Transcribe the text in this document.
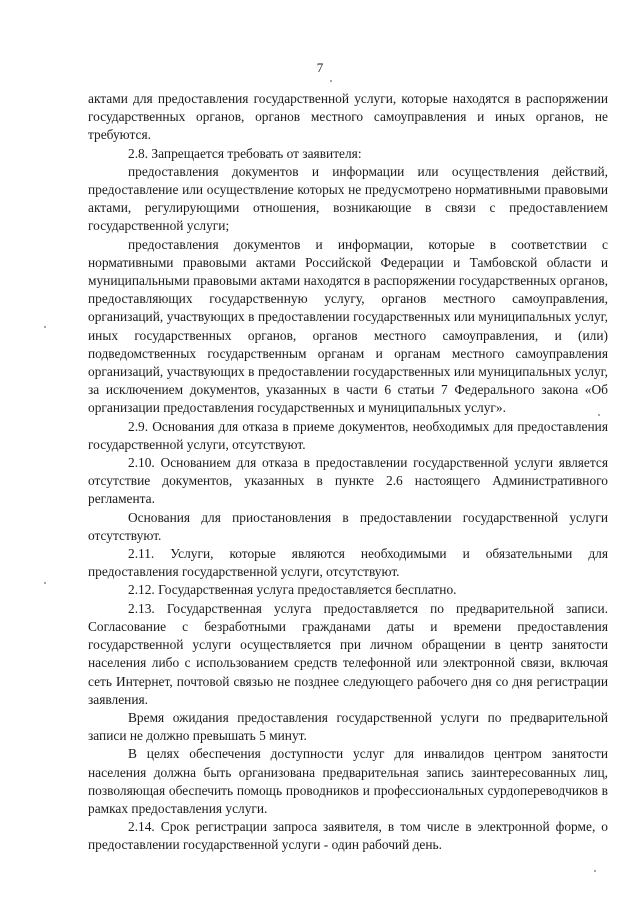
7

актами для предоставления государственной услуги, которые находятся в распоряжении государственных органов, органов местного самоуправления и иных органов, не требуются.

2.8. Запрещается требовать от заявителя:

предоставления документов и информации или осуществления действий, предоставление или осуществление которых не предусмотрено нормативными правовыми актами, регулирующими отношения, возникающие в связи с предоставлением государственной услуги;

предоставления документов и информации, которые в соответствии с нормативными правовыми актами Российской Федерации и Тамбовской области и муниципальными правовыми актами находятся в распоряжении государственных органов, предоставляющих государственную услугу, органов местного самоуправления, организаций, участвующих в предоставлении государственных или муниципальных услуг, иных государственных органов, органов местного самоуправления, и (или) подведомственных государственным органам и органам местного самоуправления организаций, участвующих в предоставлении государственных или муниципальных услуг, за исключением документов, указанных в части 6 статьи 7 Федерального закона «Об организации предоставления государственных и муниципальных услуг».

2.9. Основания для отказа в приеме документов, необходимых для предоставления государственной услуги, отсутствуют.

2.10. Основанием для отказа в предоставлении государственной услуги является отсутствие документов, указанных в пункте 2.6 настоящего Административного регламента.

Основания для приостановления в предоставлении государственной услуги отсутствуют.

2.11. Услуги, которые являются необходимыми и обязательными для предоставления государственной услуги, отсутствуют.

2.12. Государственная услуга предоставляется бесплатно.

2.13. Государственная услуга предоставляется по предварительной записи. Согласование с безработными гражданами даты и времени предоставления государственной услуги осуществляется при личном обращении в центр занятости населения либо с использованием средств телефонной или электронной связи, включая сеть Интернет, почтовой связью не позднее следующего рабочего дня со дня регистрации заявления.

Время ожидания предоставления государственной услуги по предварительной записи не должно превышать 5 минут.

В целях обеспечения доступности услуг для инвалидов центром занятости населения должна быть организована предварительная запись заинтересованных лиц, позволяющая обеспечить помощь проводников и профессиональных сурдопереводчиков в рамках предоставления услуги.

2.14. Срок регистрации запроса заявителя, в том числе в электронной форме, о предоставлении государственной услуги - один рабочий день.
